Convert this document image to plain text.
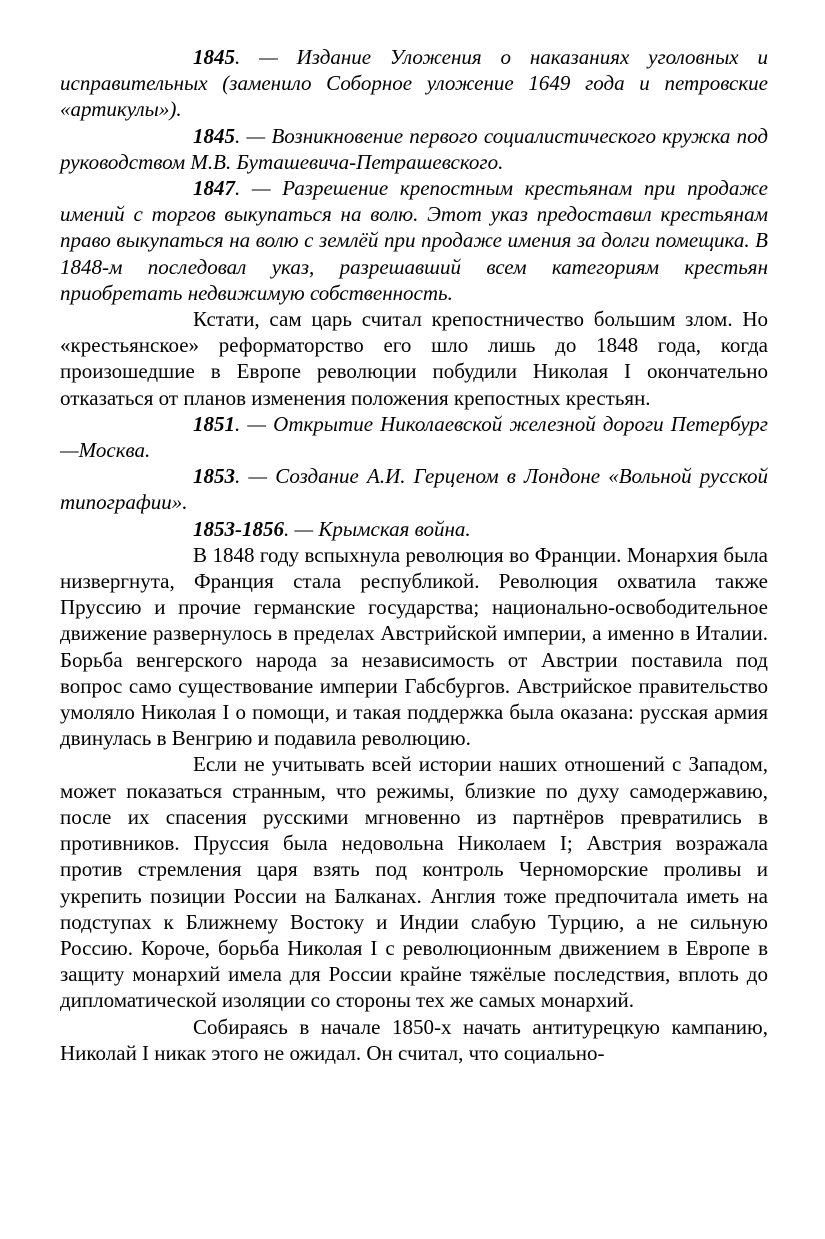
1845. — Издание Уложения о наказаниях уголовных и исправительных (заменило Соборное уложение 1649 года и петровские «артикулы»).

1845. — Возникновение первого социалистического кружка под руководством М.В. Буташевича-Петрашевского.

1847. — Разрешение крепостным крестьянам при продаже имений с торгов выкупаться на волю. Этот указ предоставил крестьянам право выкупаться на волю с землёй при продаже имения за долги помещика. В 1848-м последовал указ, разрешавший всем категориям крестьян приобретать недвижимую собственность.

Кстати, сам царь считал крепостничество большим злом. Но «крестьянское» реформаторство его шло лишь до 1848 года, когда произошедшие в Европе революции побудили Николая I окончательно отказаться от планов изменения положения крепостных крестьян.

1851. — Открытие Николаевской железной дороги Петербург—Москва.

1853. — Создание А.И. Герценом в Лондоне «Вольной русской типографии».

1853-1856. — Крымская война.

В 1848 году вспыхнула революция во Франции. Монархия была низвергнута, Франция стала республикой. Революция охватила также Пруссию и прочие германские государства; национально-освободительное движение развернулось в пределах Австрийской империи, а именно в Италии. Борьба венгерского народа за независимость от Австрии поставила под вопрос само существование империи Габсбургов. Австрийское правительство умоляло Николая I о помощи, и такая поддержка была оказана: русская армия двинулась в Венгрию и подавила революцию.

Если не учитывать всей истории наших отношений с Западом, может показаться странным, что режимы, близкие по духу самодержавию, после их спасения русскими мгновенно из партнёров превратились в противников. Пруссия была недовольна Николаем I; Австрия возражала против стремления царя взять под контроль Черноморские проливы и укрепить позиции России на Балканах. Англия тоже предпочитала иметь на подступах к Ближнему Востоку и Индии слабую Турцию, а не сильную Россию. Короче, борьба Николая I с революционным движением в Европе в защиту монархий имела для России крайне тяжёлые последствия, вплоть до дипломатической изоляции со стороны тех же самых монархий.

Собираясь в начале 1850-х начать антитурецкую кампанию, Николай I никак этого не ожидал. Он считал, что социально-
